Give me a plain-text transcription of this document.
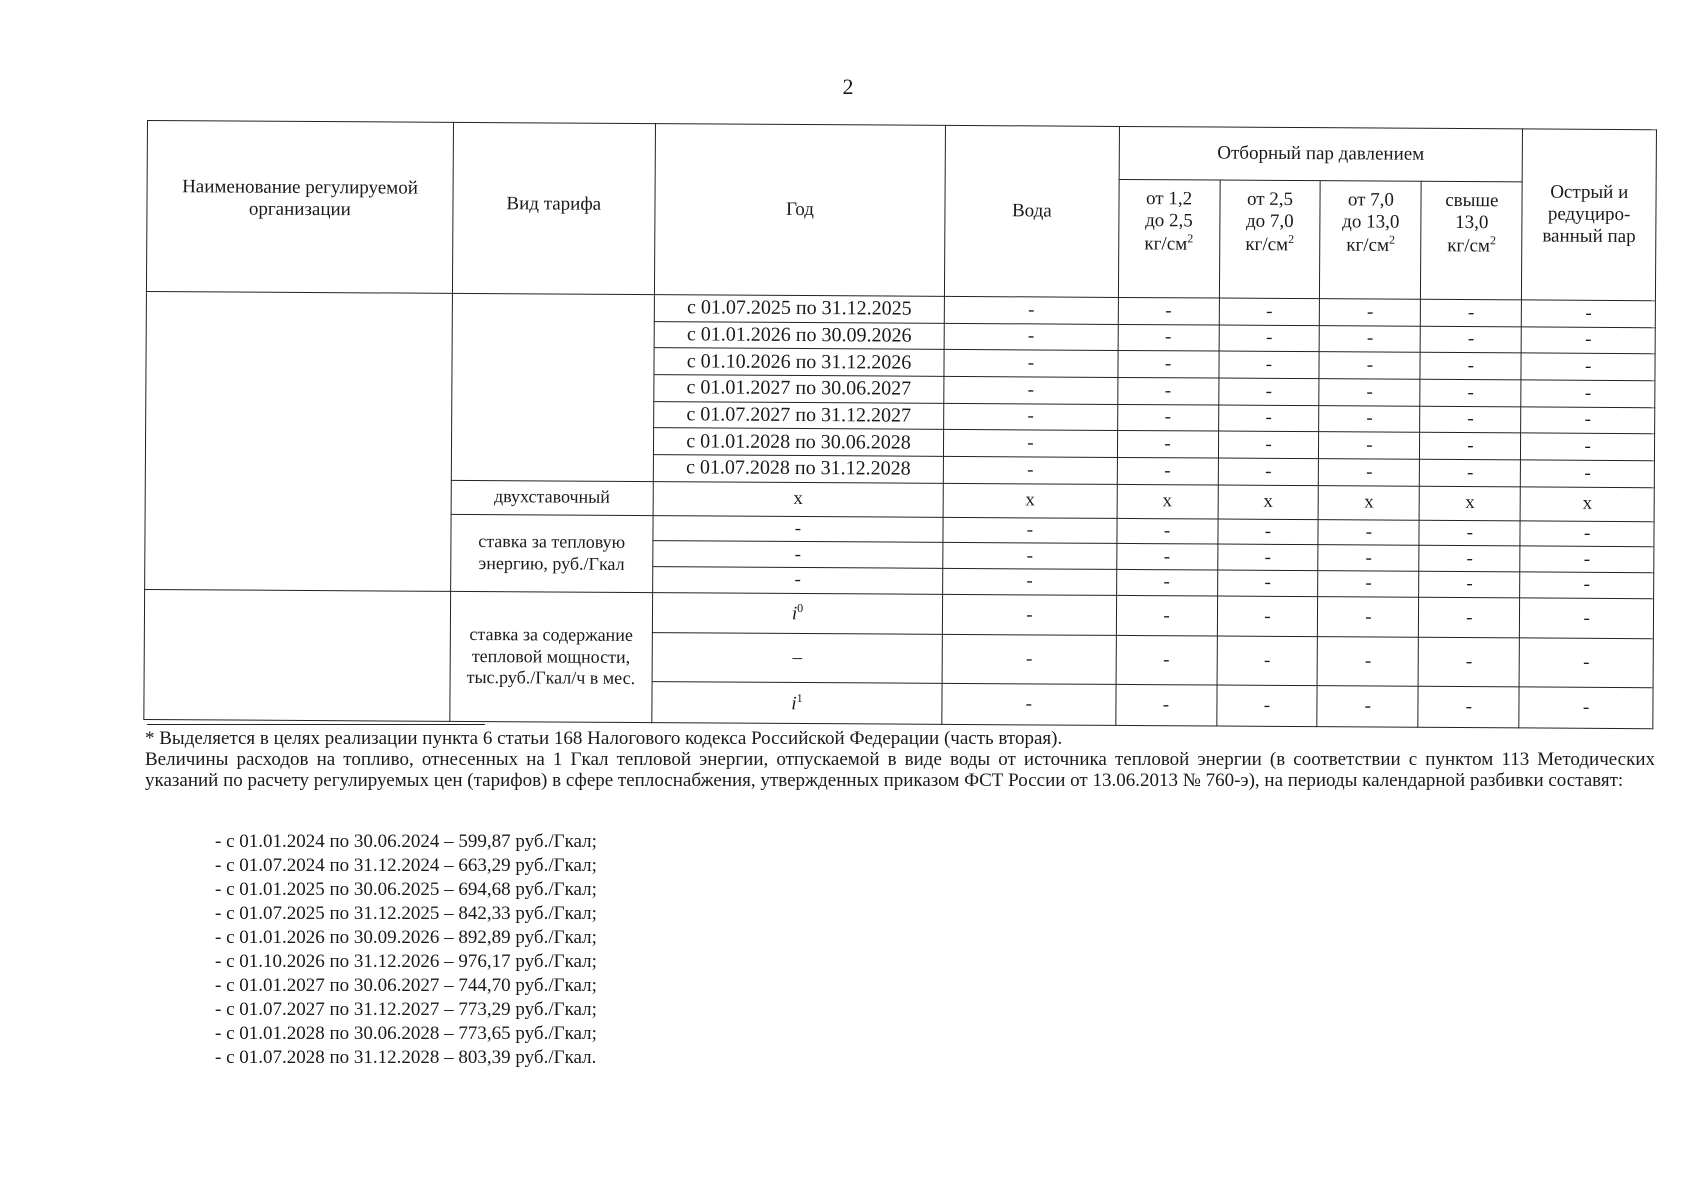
2
Наименование регулируемой организации	Вид тарифа	Год	Вода	Отборный пар давлением				Острый и
редуциро-
ванный пар
				от 1,2
до 2,5
$кг/см^2$	от 2,5
до 7,0
$кг/см^2$	от 7,0
до 13,0
$кг/см^2$	свыше
13,0
$кг/см^2$
		с 01.07.2025 по 31.12.2025	-	-	-	-	-	-
		с 01.01.2026 по 30.09.2026	-	-	-	-	-	-
		с 01.10.2026 по 31.12.2026	-	-	-	-	-	-
		с 01.01.2027 по 30.06.2027	-	-	-	-	-	-
		с 01.07.2027 по 31.12.2027	-	-	-	-	-	-
		с 01.01.2028 по 30.06.2028	-	-	-	-	-	-
		с 01.07.2028 по 31.12.2028	-	-	-	-	-	-
	двухставочный	x	x	x	x	x	x	x
	ставка за тепловую энергию, руб./Гкал	-	-	-	-	-	-	-
		-	-	-	-	-	-	-
		-	-	-	-	-	-	-
	ставка за содержание тепловой мощности, тыс.руб./Гкал/ч в мес.	$i^0$	-	-	-	-	-	-
		–	-	-	-	-	-	-
		$i^1$	-	-	-	-	-	-

* Выделяется в целях реализации пункта 6 статьи 168 Налогового кодекса Российской Федерации (часть вторая).

Величины расходов на топливо, отнесенных на 1 Гкал тепловой энергии, отпускаемой в виде воды от источника тепловой энергии (в соответствии с пунктом 113 Методических указаний по расчету регулируемых цен (тарифов) в сфере теплоснабжения, утвержденных приказом ФСТ России от 13.06.2013 № 760-э), на периоды календарной разбивки составят:

- с 01.01.2024 по 30.06.2024 – 599,87 руб./Гкал;
- с 01.07.2024 по 31.12.2024 – 663,29 руб./Гкал;
- с 01.01.2025 по 30.06.2025 – 694,68 руб./Гкал;
- с 01.07.2025 по 31.12.2025 – 842,33 руб./Гкал;
- с 01.01.2026 по 30.09.2026 – 892,89 руб./Гкал;
- с 01.10.2026 по 31.12.2026 – 976,17 руб./Гкал;
- с 01.01.2027 по 30.06.2027 – 744,70 руб./Гкал;
- с 01.07.2027 по 31.12.2027 – 773,29 руб./Гкал;
- с 01.01.2028 по 30.06.2028 – 773,65 руб./Гкал;
- с 01.07.2028 по 31.12.2028 – 803,39 руб./Гкал.
